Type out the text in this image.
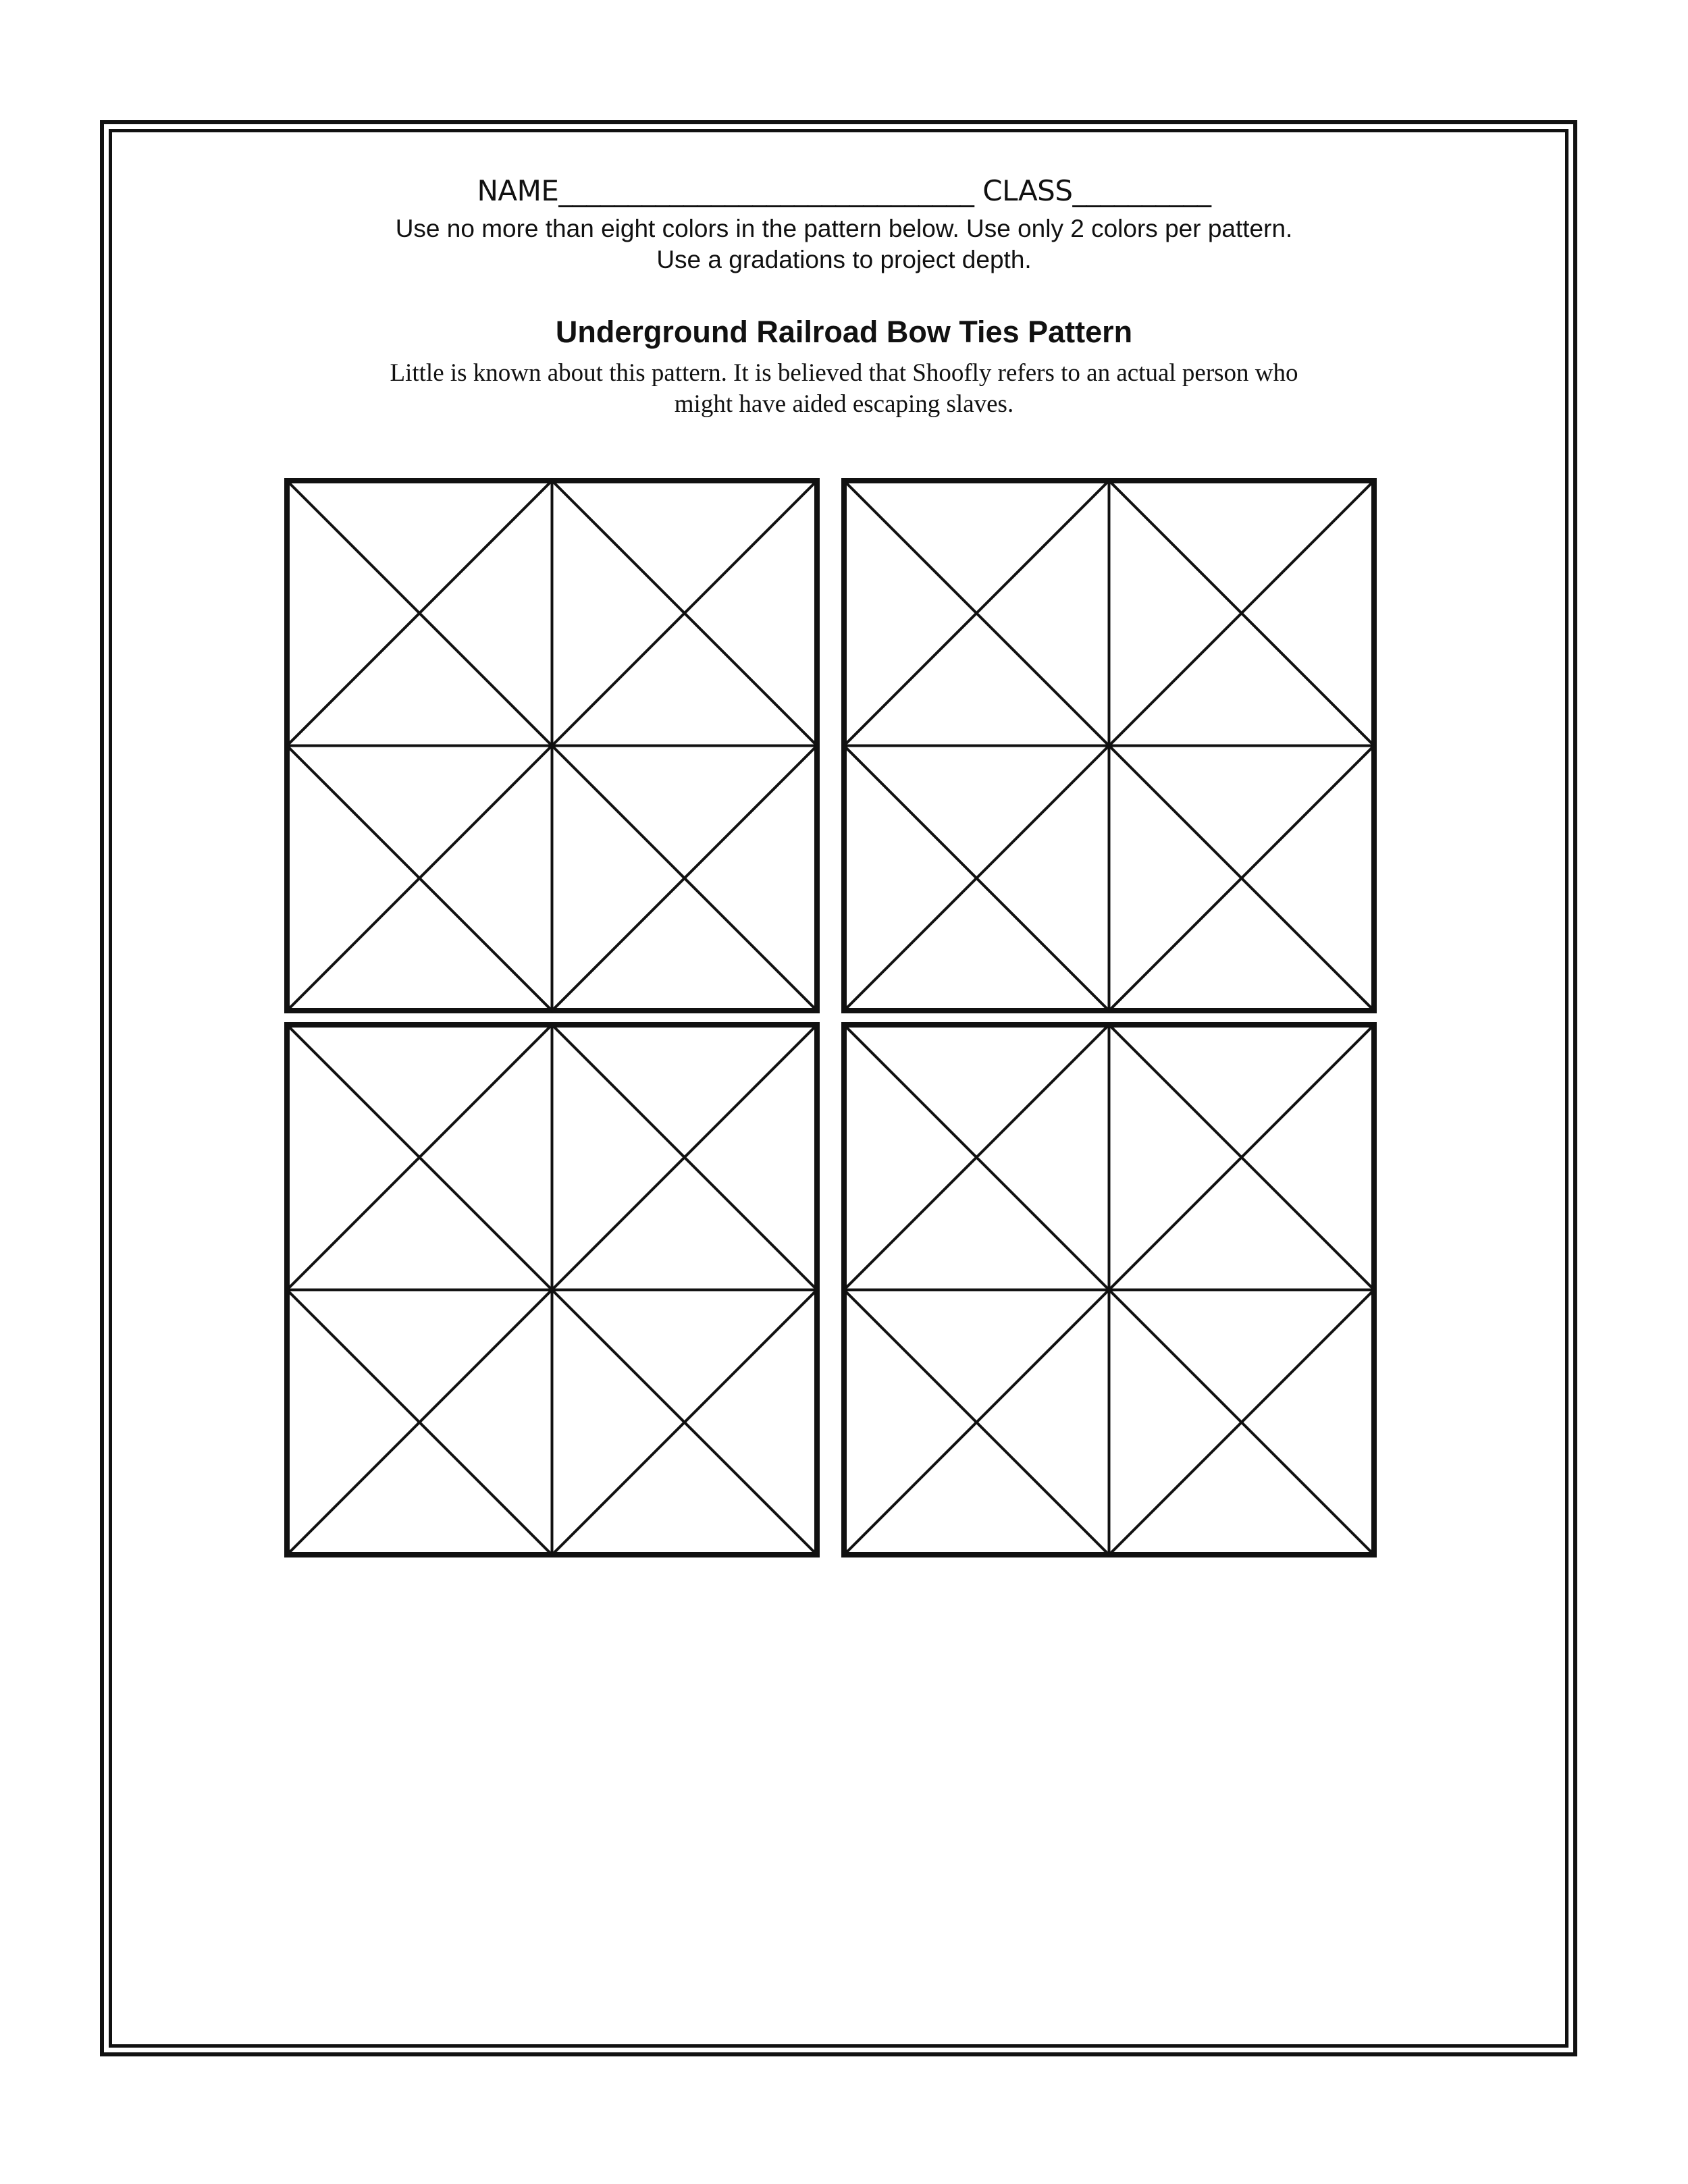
NAME______________________________ CLASS__________
Use no more than eight colors in the pattern below. Use only 2 colors per pattern.
Use a gradations to project depth.
Underground Railroad Bow Ties Pattern
Little is known about this pattern. It is believed that Shoofly refers to an actual person who
might have aided escaping slaves.
